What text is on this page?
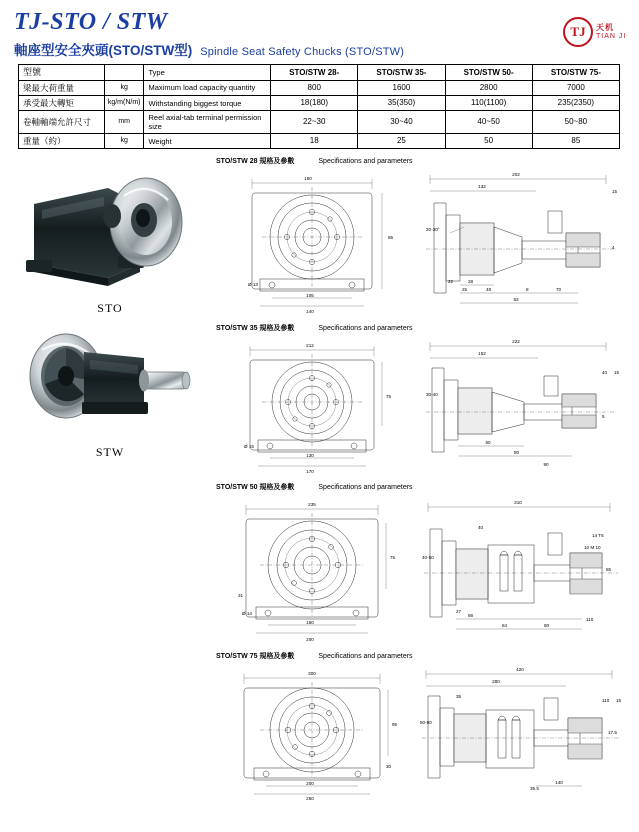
TJ-STO / STW
軸座型安全夾頭(STO/STW型) Spindle Seat Safety Chucks (STO/STW)
TJ
天机
TIAN JI
型號		Type	STO/STW 28-	STO/STW 35-	STO/STW 50-	STO/STW 75-
梁最大荷重量	kg	Maximum load capacity quantity	800	1600	2800	7000
承受最大轉矩	kg/m(N/m)	Withstanding biggest torque	18(180)	35(350)	110(1100)	235(2350)
卷軸軸端允許尺寸	mm	Reel axial-tab terminal permission size	22~30	30~40	40~50	50~80
重量（約）	kg	Weight	18	25	50	85
STO
STW
STO/STW 28 規格及參數	Specifications and parameters
160
85
Ø 13
105
140
202
132
15
20-30°
22	28
25	48	8	70
53
4
STO/STW 35 規格及參數	Specifications and parameters
212
75
Ø 15
130
170
222
152
30-40
40 15
5
60
80
90
STO/STW 50 規格及參數	Specifications and parameters
235
75
31
Ø 14
160
200
310
40
14 T6
10 M 10
55
40-50
27
66
84	80
110
STO/STW 75 規格及參數	Specifications and parameters
300
95
30
200
260
420
280
50-80
110 15
17.5
35
35.5
140
